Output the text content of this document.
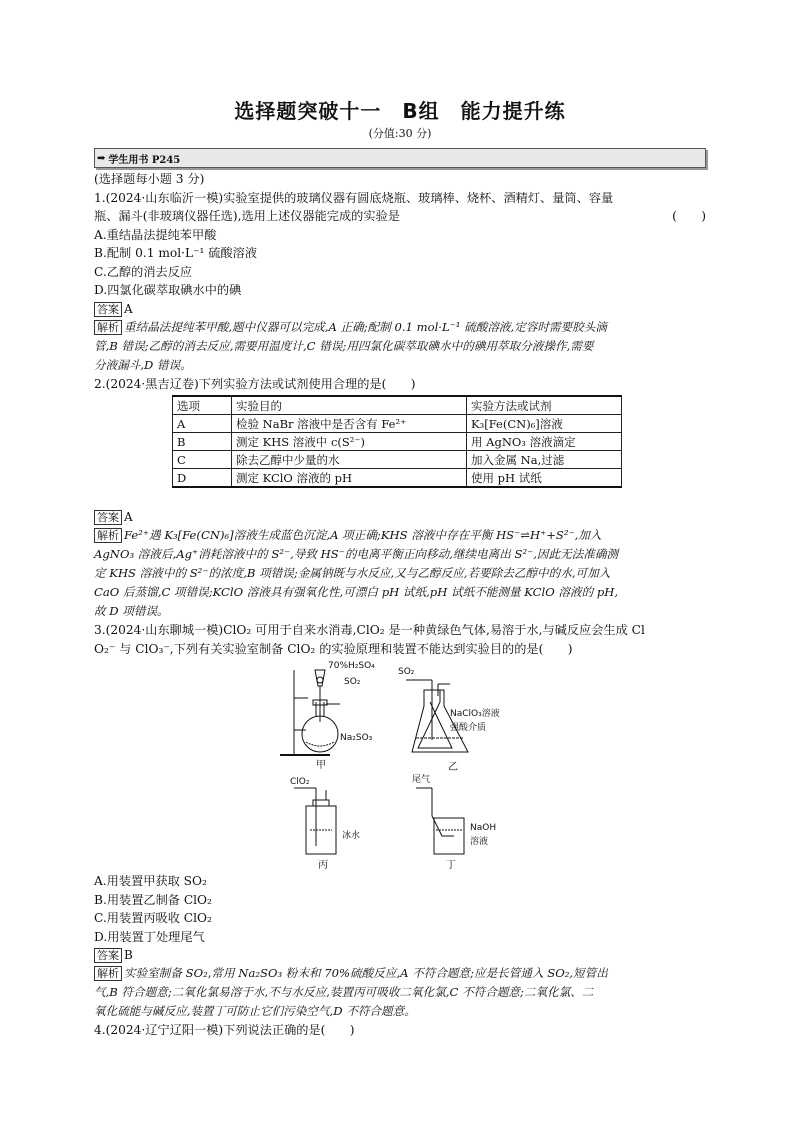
选择题突破十一　B组　能力提升练
(分值:30 分)
➡ 学生用书 P245

(选择题每小题 3 分)

1.(2024·山东临沂一模)实验室提供的玻璃仪器有圆底烧瓶、玻璃棒、烧杯、酒精灯、量筒、容量

瓶、漏斗(非玻璃仪器任选),选用上述仪器能完成的实验是	(　　)

A.重结晶法提纯苯甲酸

B.配制 0.1 mol·L⁻¹ 硫酸溶液

C.乙醇的消去反应

D.四氯化碳萃取碘水中的碘

答案 A

解析 重结晶法提纯苯甲酸,题中仪器可以完成,A 正确;配制 0.1 mol·L⁻¹ 硫酸溶液,定容时需要胶头滴

管,B 错误;乙醇的消去反应,需要用温度计,C 错误;用四氯化碳萃取碘水中的碘用萃取分液操作,需要

分液漏斗,D 错误。

2.(2024·黑吉辽卷)下列实验方法或试剂使用合理的是(　　)

选项	实验目的	实验方法或试剂
A	检验 NaBr 溶液中是否含有 Fe²⁺	K₃[Fe(CN)₆]溶液
B	测定 KHS 溶液中 c(S²⁻)	用 AgNO₃ 溶液滴定
C	除去乙醇中少量的水	加入金属 Na,过滤
D	测定 KClO 溶液的 pH	使用 pH 试纸

答案 A

解析 Fe²⁺遇 K₃[Fe(CN)₆]溶液生成蓝色沉淀,A 项正确;KHS 溶液中存在平衡 HS⁻⇌H⁺+S²⁻,加入

AgNO₃ 溶液后,Ag⁺消耗溶液中的 S²⁻,导致 HS⁻的电离平衡正向移动,继续电离出 S²⁻,因此无法准确测

定 KHS 溶液中的 S²⁻的浓度,B 项错误;金属钠既与水反应,又与乙醇反应,若要除去乙醇中的水,可加入

CaO 后蒸馏,C 项错误;KClO 溶液具有强氧化性,可漂白 pH 试纸,pH 试纸不能测量 KClO 溶液的 pH,

故 D 项错误。

3.(2024·山东聊城一模)ClO₂ 可用于自来水消毒,ClO₂ 是一种黄绿色气体,易溶于水,与碱反应会生成 Cl

O₂⁻ 与 ClO₃⁻,下列有关实验室制备 ClO₂ 的实验原理和装置不能达到实验目的的是(　　)

70%H₂SO₄
SO₂
Na₂SO₃
甲
SO₂
NaClO₃溶液
强酸介质
乙
ClO₂
冰水
丙
尾气
NaOH
溶液
丁

A.用装置甲获取 SO₂

B.用装置乙制备 ClO₂

C.用装置丙吸收 ClO₂

D.用装置丁处理尾气

答案 B

解析 实验室制备 SO₂,常用 Na₂SO₃ 粉末和 70%硫酸反应,A 不符合题意;应是长管通入 SO₂,短管出

气,B 符合题意;二氧化氯易溶于水,不与水反应,装置丙可吸收二氧化氯,C 不符合题意;二氧化氯、二

氧化硫能与碱反应,装置丁可防止它们污染空气,D 不符合题意。

4.(2024·辽宁辽阳一模)下列说法正确的是(　　)
